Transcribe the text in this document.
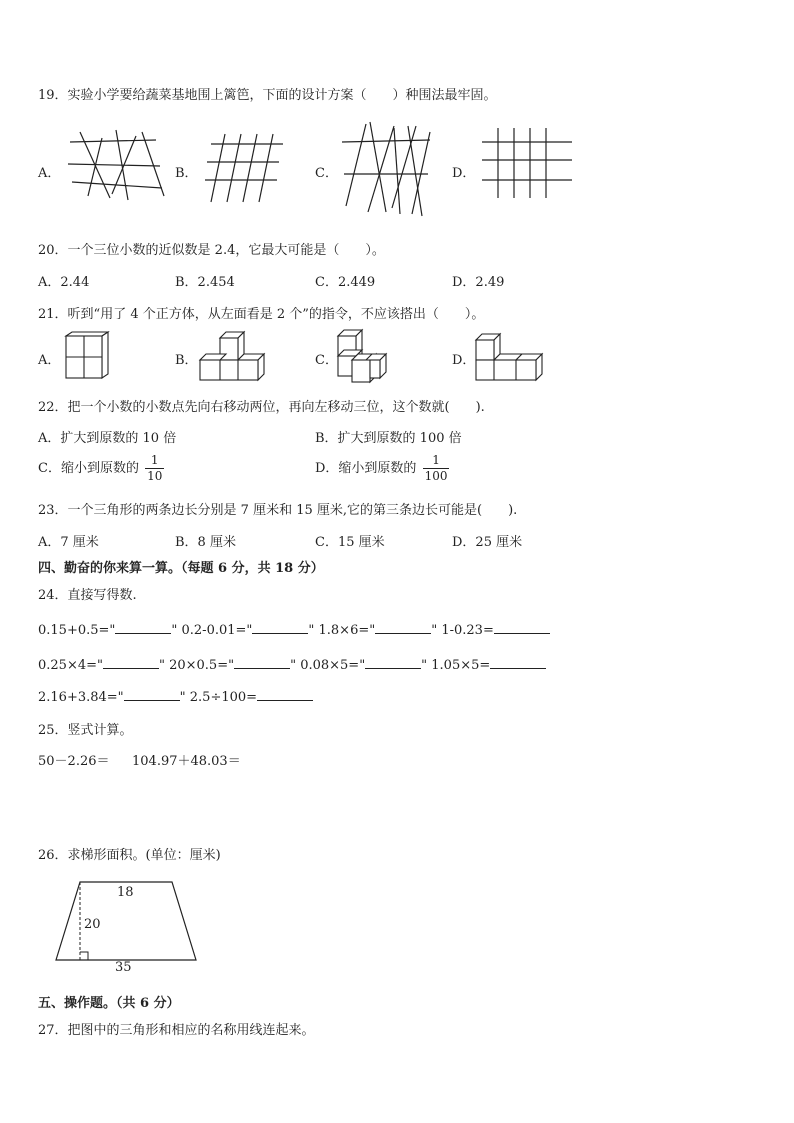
19．实验小学要给蔬菜基地围上篱笆，下面的设计方案（　　）种围法最牢固。
A．	B．	C．	D．
20．一个三位小数的近似数是 2.4，它最大可能是（　　）。
A．2.44	B．2.454	C．2.449	D．2.49
21．听到“用了 4 个正方体，从左面看是 2 个”的指令，不应该搭出（　　）。
A．	B．	C．	D．
22．把一个小数的小数点先向右移动两位，再向左移动三位，这个数就(　　).
A．扩大到原数的 10 倍	B．扩大到原数的 100 倍
C．缩小到原数的 $\frac{1}{10}$	D．缩小到原数的 $\frac{1}{100}$
23．一个三角形的两条边长分别是 7 厘米和 15 厘米,它的第三条边长可能是(　　).
A．7 厘米	B．8 厘米	C．15 厘米	D．25 厘米
四、勤奋的你来算一算。（每题 6 分，共 18 分）
24．直接写得数.
0.15+0.5="	" 0.2-0.01="	" 1.8×6="	" 1-0.23=
0.25×4="	" 20×0.5="	" 0.08×5="	" 1.05×5=
2.16+3.84="	" 2.5÷100=
25．竖式计算。
50－2.26＝ 104.97＋48.03＝
26．求梯形面积。(单位：厘米)
18
20
35
五、操作题。（共 6 分）
27．把图中的三角形和相应的名称用线连起来。
